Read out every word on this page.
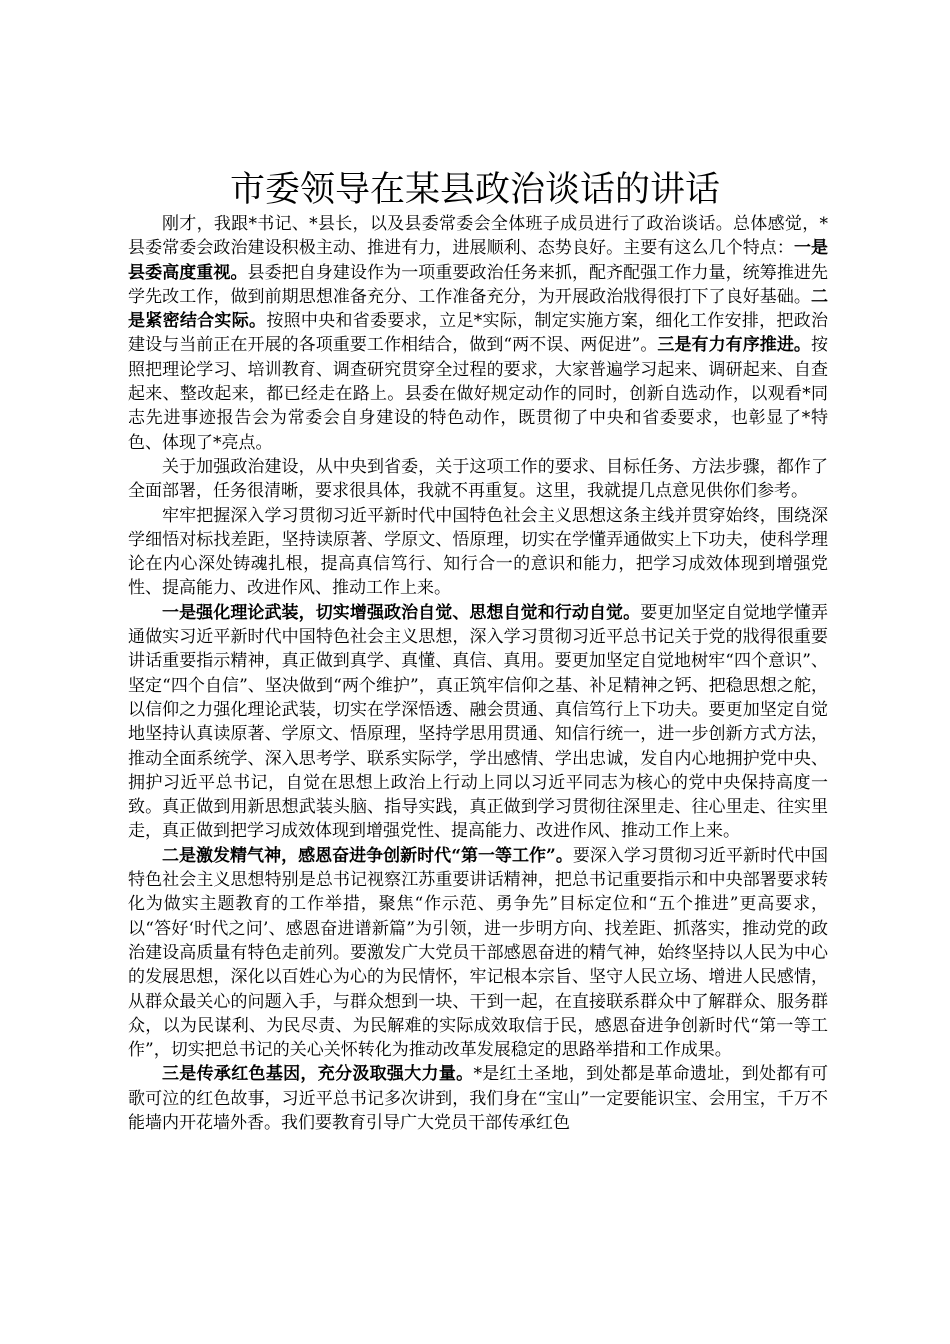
市委领导在某县政治谈话的讲话

刚才，我跟*书记、*县长，以及县委常委会全体班子成员进行了政治谈话。总体感觉，*县委常委会政治建设积极主动、推进有力，进展顺利、态势良好。主要有这么几个特点：一是县委高度重视。县委把自身建设作为一项重要政治任务来抓，配齐配强工作力量，统筹推进先学先改工作，做到前期思想准备充分、工作准备充分，为开展政治戕得很打下了良好基础。二是紧密结合实际。按照中央和省委要求，立足*实际，制定实施方案，细化工作安排，把政治建设与当前正在开展的各项重要工作相结合，做到“两不误、两促进”。三是有力有序推进。按照把理论学习、培训教育、调查研究贯穿全过程的要求，大家普遍学习起来、调研起来、自查起来、整改起来，都已经走在路上。县委在做好规定动作的同时，创新自选动作，以观看*同志先进事迹报告会为常委会自身建设的特色动作，既贯彻了中央和省委要求，也彰显了*特色、体现了*亮点。

关于加强政治建设，从中央到省委，关于这项工作的要求、目标任务、方法步骤，都作了全面部署，任务很清晰，要求很具体，我就不再重复。这里，我就提几点意见供你们参考。

牢牢把握深入学习贯彻习近平新时代中国特色社会主义思想这条主线并贯穿始终，围绕深学细悟对标找差距，坚持读原著、学原文、悟原理，切实在学懂弄通做实上下功夫，使科学理论在内心深处铸魂扎根，提高真信笃行、知行合一的意识和能力，把学习成效体现到增强党性、提高能力、改进作风、推动工作上来。

一是强化理论武装，切实增强政治自觉、思想自觉和行动自觉。要更加坚定自觉地学懂弄通做实习近平新时代中国特色社会主义思想，深入学习贯彻习近平总书记关于党的戕得很重要讲话重要指示精神，真正做到真学、真懂、真信、真用。要更加坚定自觉地树牢“四个意识”、坚定“四个自信”、坚决做到“两个维护”，真正筑牢信仰之基、补足精神之钙、把稳思想之舵，以信仰之力强化理论武装，切实在学深悟透、融会贯通、真信笃行上下功夫。要更加坚定自觉地坚持认真读原著、学原文、悟原理，坚持学思用贯通、知信行统一，进一步创新方式方法，推动全面系统学、深入思考学、联系实际学，学出感情、学出忠诚，发自内心地拥护党中央、拥护习近平总书记，自觉在思想上政治上行动上同以习近平同志为核心的党中央保持高度一致。真正做到用新思想武装头脑、指导实践，真正做到学习贯彻往深里走、往心里走、往实里走，真正做到把学习成效体现到增强党性、提高能力、改进作风、推动工作上来。

二是激发精气神，感恩奋进争创新时代“第一等工作”。要深入学习贯彻习近平新时代中国特色社会主义思想特别是总书记视察江苏重要讲话精神，把总书记重要指示和中央部署要求转化为做实主题教育的工作举措，聚焦“作示范、勇争先”目标定位和“五个推进”更高要求，以“答好‘时代之问’、感恩奋进谱新篇”为引领，进一步明方向、找差距、抓落实，推动党的政治建设高质量有特色走前列。要激发广大党员干部感恩奋进的精气神，始终坚持以人民为中心的发展思想，深化以百姓心为心的为民情怀，牢记根本宗旨、坚守人民立场、增进人民感情，从群众最关心的问题入手，与群众想到一块、干到一起，在直接联系群众中了解群众、服务群众，以为民谋利、为民尽责、为民解难的实际成效取信于民，感恩奋进争创新时代“第一等工作”，切实把总书记的关心关怀转化为推动改革发展稳定的思路举措和工作成果。

三是传承红色基因，充分汲取强大力量。*是红土圣地，到处都是革命遗址，到处都有可歌可泣的红色故事，习近平总书记多次讲到，我们身在“宝山”一定要能识宝、会用宝，千万不能墙内开花墙外香。我们要教育引导广大党员干部传承红色
